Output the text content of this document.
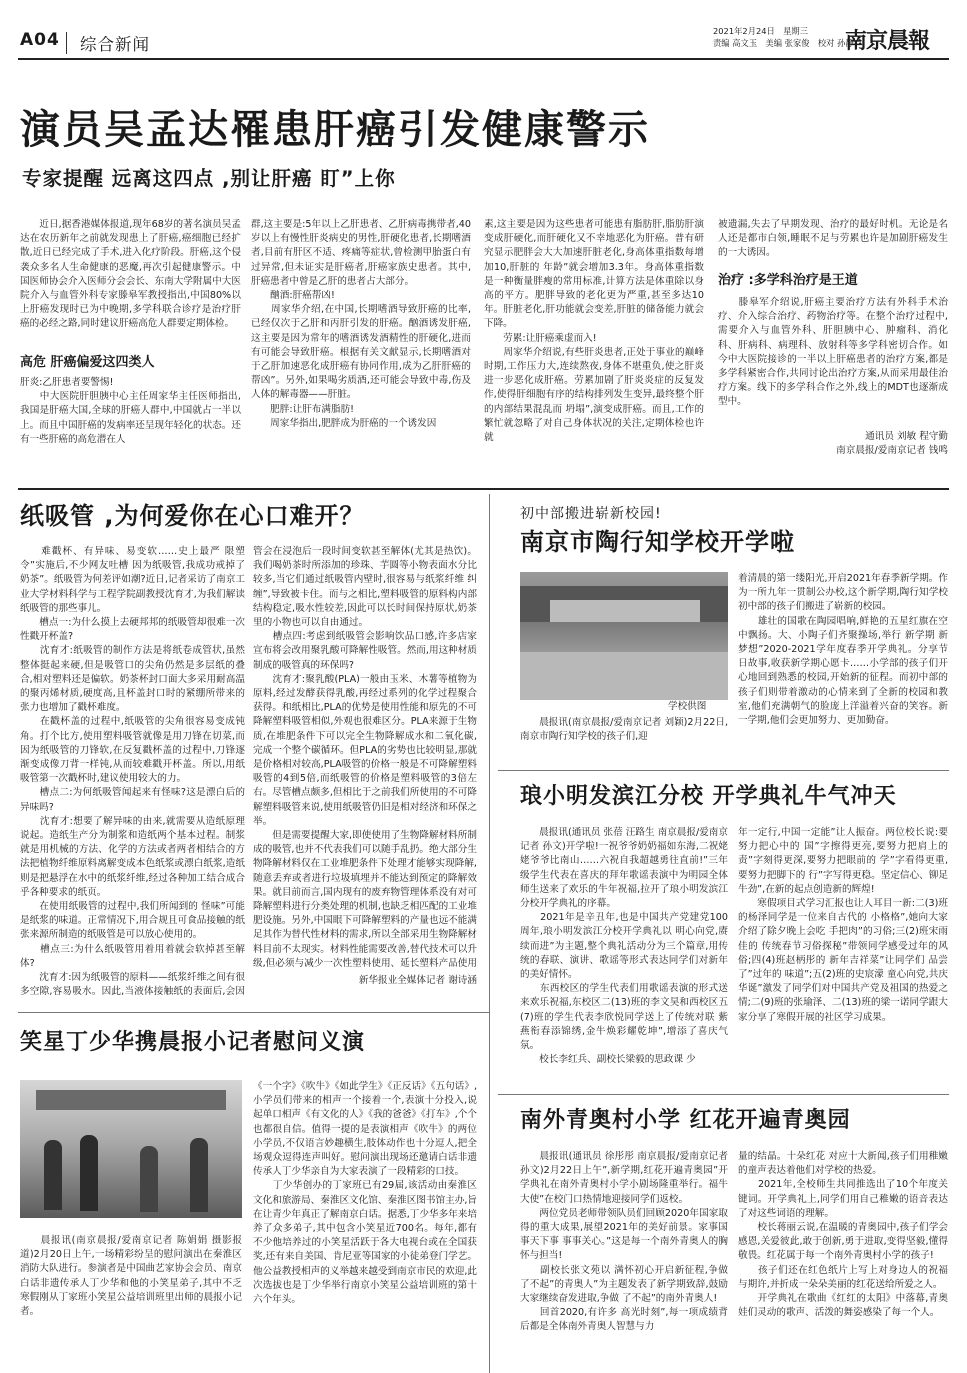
A04 综合新闻
2021年2月24日　星期三
责编 高文玉　美编 张家俊　校对 孙静
南京晨報
演员吴孟达罹患肝癌引发健康警示
专家提醒 远离这四点 ,别让肝癌 盯”上你
　　近日,据香港媒体报道,现年68岁的著名演员吴孟达在农历新年之前就发现患上了肝癌,癌细胞已经扩散,近日已经完成了手术,进入化疗阶段。肝癌,这个侵袭众多名人生命健康的恶魔,再次引起健康警示。中国医师协会介入医师分会会长、东南大学附属中大医院介入与血管外科专家滕皋军教授指出,中国80%以上肝癌发现时已为中晚期,多学科联合诊疗是治疗肝癌的必经之路,同时建议肝癌高危人群要定期体检。
高危 肝癌偏爱这四类人
肝炎:乙肝患者要警惕!
　　中大医院肝胆胰中心主任周家华主任医师指出,我国是肝癌大国,全球的肝癌人群中,中国就占一半以上。而且中国肝癌的发病率还呈现年轻化的状态。还有一些肝癌的高危潜在人
群,这主要是:5年以上乙肝患者、乙肝病毒携带者,40岁以上有慢性肝炎病史的男性,肝硬化患者,长期嗜酒者,目前有肝区不适、疼痛等症状,曾检测甲胎蛋白有过异常,但未证实是肝癌者,肝癌家族史患者。其中,肝癌患者中曾是乙肝的患者占大部分。
　　酗酒:肝癌帮凶!
　　周家华介绍,在中国,长期嗜酒导致肝癌的比率,已经仅次于乙肝和丙肝引发的肝癌。酗酒诱发肝癌,这主要是因为常年的嗜酒诱发酒精性的肝硬化,进而有可能会导致肝癌。根据有关文献显示,长期嗜酒对于乙肝加速恶化成肝癌有协同作用,成为乙肝肝癌的 帮凶”。另外,如果喝劣质酒,还可能会导致中毒,伤及人体的解毒器——肝脏。
　　肥胖:让肝布满脂肪!
　　周家华指出,肥胖成为肝癌的一个诱发因
素,这主要是因为这些患者可能患有脂肪肝,脂肪肝演变成肝硬化,而肝硬化又不幸地恶化为肝癌。普有研究显示肥胖会大大加速肝脏老化,身高体重指数每增加10,肝脏的 年龄”就会增加3.3年。身高体重指数是一种衡量胖瘦的常用标准,计算方法是体重除以身高的平方。肥胖导致的老化更为严重,甚至多达10年。肝脏老化,肝功能就会变差,肝脏的储备能力就会下降。
　　劳累:让肝癌乘虚而入!
　　周家华介绍说,有些肝炎患者,正处于事业的巅峰时期,工作压力大,连续熬夜,身体不堪重负,使之肝炎进一步恶化成肝癌。劳累加剧了肝炎炎症的反复发作,使得肝细胞有序的结构排列发生变异,最终整个肝的内部结果混乱而 坍塌”,演变成肝癌。而且,工作的繁忙就忽略了对自己身体状况的关注,定期体检也许就
被遗漏,失去了早期发现、治疗的最好时机。无论是名人还是都市白领,睡眠不足与劳累也许是加剧肝癌发生的一大诱因。
治疗 :多学科治疗是王道
　　滕皋军介绍说,肝癌主要治疗方法有外科手术治疗、介入综合治疗、药物治疗等。在整个治疗过程中,需要介入与血管外科、肝胆胰中心、肿瘤科、消化科、肝病科、病理科、放射科等多学科密切合作。如今中大医院接诊的一半以上肝癌患者的治疗方案,都是多学科紧密合作,共同讨论出治疗方案,从而采用最佳治疗方案。线下的多学科合作之外,线上的MDT也逐渐成型中。
通讯员 刘敏 程守勤
南京晨报/爱南京记者 钱鸣
纸吸管 ,为何爱你在心口难开？
　　难戳杯、有异味、易变软……史上最严 限塑令”实施后,不少网友吐槽 因为纸吸管,我成功戒掉了奶茶”。纸吸管为何差评如潮?近日,记者采访了南京工业大学材料科学与工程学院副教授沈育才,为我们解读纸吸管的那些事儿。
　　槽点一:为什么摸上去硬邦邦的纸吸管却很难一次性戳开杯盖?
　　沈育才:纸吸管的制作方法是将纸卷成管状,虽然整体挺起来硬,但是吸管口的尖角仍然是多层纸的叠合,相对塑料还是偏软。奶茶杯封口面大多采用耐高温的聚丙烯材质,硬度高,且杯盖封口时的紧绷所带来的张力也增加了戳杯难度。
　　在戳杯盖的过程中,纸吸管的尖角很容易变成钝角。打个比方,使用塑料吸管就像是用刀锋在切菜,而因为纸吸管的刀锋软,在反复戳杯盖的过程中,刀锋逐渐变成像刀背一样钝,从而较难戳开杯盖。所以,用纸吸管第一次戳杯时,建议使用较大的力。
　　槽点二:为何纸吸管闻起来有怪味?这是漂白后的异味吗?
　　沈育才:想要了解异味的由来,就需要从造纸原理说起。造纸生产分为制浆和造纸两个基本过程。制浆就是用机械的方法、化学的方法或者两者相结合的方法把植物纤维原料离解变成本色纸浆或漂白纸浆,造纸则是把悬浮在水中的纸浆纤维,经过各种加工结合成合乎各种要求的纸页。
　　在使用纸吸管的过程中,我们所闻到的 怪味”可能是纸浆的味道。正常情况下,用合规且可食品接触的纸张来源所制造的纸吸管是可以放心使用的。
　　槽点三:为什么纸吸管用着用着就会软掉甚至解体?
　　沈育才:因为纸吸管的原料——纸浆纤维之间有很多空隙,容易吸水。因此,当液体接触纸的表面后,会因
管会在浸泡后一段时间变软甚至解体(尤其是热饮)。我们喝奶茶时所添加的珍珠、芋圆等小物表面水分比较多,当它们通过纸吸管内壁时,很容易与纸浆纤维 纠缠”,导致被卡住。而与之相比,塑料吸管的原料构内部结构稳定,吸水性较差,因此可以长时间保持原状,奶茶里的小物也可以自由通过。
　　槽点四:考虑到纸吸管会影响饮品口感,许多店家宣布将会改用聚乳酸可降解性吸管。然而,用这种材质制成的吸管真的环保吗?
　　沈育才:聚乳酸(PLA)一般由玉米、木薯等植物为原料,经过发酵获得乳酸,再经过系列的化学过程聚合获得。和纸相比,PLA的优势是使用性能和原先的不可降解塑料吸管相似,外观也很难区分。PLA来源于生物质,在堆肥条件下可以完全生物降解成水和二氧化碳,完成一个整个碳循环。但PLA的劣势也比较明显,那就是价格相对较高,PLA吸管的价格一般是不可降解塑料吸管的4到5倍,而纸吸管的价格是塑料吸管的3倍左右。尽管槽点颇多,但相比于之前我们所使用的不可降解塑料吸管来说,使用纸吸管仍旧是相对经济和环保之举。
　　但是需要提醒大家,即使使用了生物降解材料所制成的吸管,也并不代表我们可以随手乱扔。绝大部分生物降解材料仅在工业堆肥条件下处理才能够实现降解,随意丢弃或者进行垃圾填埋并不能达到预定的降解效果。就目前而言,国内现有的废弃物管理体系没有对可降解塑料进行分类处理的机制,也缺乏相匹配的工业堆肥设施。另外,中国眼下可降解塑料的产量也远不能满足其作为替代性材料的需求,所以全部采用生物降解材料目前不太现实。材料性能需要改善,替代技术可以升级,但必须与减少一次性塑料使用、延长塑料产品使用
新华报业全媒体记者 谢诗涵
初中部搬进崭新校园!
南京市陶行知学校开学啦
学校供图
　　晨报讯(南京晨报/爱南京记者 刘颖)2月22日,南京市陶行知学校的孩子们,迎
着清晨的第一缕阳光,开启2021年春季新学期。作为一所九年一贯制公办校,这个新学期,陶行知学校初中部的孩子们搬进了崭新的校园。
　　雄壮的国歌在陶园唱响,鲜艳的五星红旗在空中飘扬。大、小陶子们齐聚操场,举行 新学期 新梦想”2020-2021学年度春季开学典礼。分享节日故事,收获新学期心愿卡……小学部的孩子们开心地回到熟悉的校园,开始新的征程。而初中部的孩子们则带着激动的心情来到了全新的校园和教室,他们充满朝气的脸庞上洋溢着兴奋的笑容。新一学期,他们会更加努力、更加勤奋。
琅小明发滨江分校 开学典礼牛气冲天
　　晨报讯(通讯员 张蓓 汪路生 南京晨报/爱南京记者 孙文)开学啦!一祝爷爷奶奶福如东海,二祝姥姥爷爷比南山……六祝自我超越勇往直前!”三年级学生代表在喜庆的拜年歌谣表演中为明园全体师生送来了欢乐的牛年祝福,拉开了琅小明发滨江分校开学典礼的序幕。
　　2021年是辛丑年,也是中国共产党建党100周年,琅小明发滨江分校开学典礼以 明心向党,赓续而进”为主题,整个典礼活动分为三个篇章,用传统的春联、演讲、歌谣等形式表达同学们对新年的美好情怀。
　　东西校区的学生代表们用歌谣表演的形式送来欢乐祝福,东校区二(13)班的李文昊和西校区五(7)班的学生代表李欣悦同学送上了传统对联 紫燕衔春添锦绣,金牛焕彩耀乾坤”,增添了喜庆气氛。
　　校长李红兵、副校长梁毅的思政课 少
年一定行,中国一定能”让人振奋。两位校长说:要努力把心中的 国”字擦得更亮,要努力把肩上的 责”字刻得更深,要努力把眼前的 学”字看得更重,要努力把脚下的 行”字写得更稳。坚定信心、铆足 牛劲”,在新的起点创造新的辉煌!
　　寒假项目式学习汇报也让人耳目一新:二(3)班的杨泽同学是一位来自古代的 小格格”,她向大家介绍了除夕晚上会吃 手把肉”的习俗;三(2)班宋雨佳的 传统春节习俗探秘”带领同学感受过年的风俗;四(4)班赵柄彤的 新年吉祥菜”让同学们 品尝了”过年的 味道”;五(2)班的史宸濛 童心向党,共庆华诞”激发了同学们对中国共产党及祖国的热爱之情;二(9)班的张瑜泽、二(13)班的梁一诺同学跟大家分享了寒假开展的社区学习成果。
笑星丁少华携晨报小记者慰问义演
　　晨报讯(南京晨报/爱南京记者 陈娟娟 摄影报道)2月20日上午,一场精彩纷呈的慰问演出在秦淮区消防大队进行。参演者是中国曲艺家协会会员、南京白话非遗传承人丁少华和他的小笑星弟子,其中不乏寒假刚从丁家班小笑星公益培训班里出师的晨报小记者。
《一个字》《吹牛》《如此学生》《正反话》《五句话》,小学员们带来的相声一个接着一个,表演十分投入,说起单口相声《有文化的人》《我的爸爸》《打车》,个个也都很自信。值得一提的是表演相声《吹牛》的两位小学员,不仅语言妙趣横生,肢体动作也十分逗人,把全场观众逗得连声叫好。慰问演出现场还邀请白话非遗传承人丁少华亲自为大家表演了一段精彩的口技。
　　丁少华创办的丁家班已有29届,该活动由秦淮区文化和旅游局、秦淮区文化馆、秦淮区图书馆主办,旨在让青少年真正了解南京白话。据悉,丁少华多年来培养了众多弟子,其中包含小笑星近700名。每年,都有不少他培养过的小笑星活跃于各大电视台或在全国获奖,还有来自美国、肯尼亚等国家的小徒弟登门学艺。他公益教授相声的义举越来越受到南京市民的欢迎,此次选拔也是丁少华举行南京小笑星公益培训班的第十六个年头。
南外青奥村小学 红花开遍青奥园
　　晨报讯(通讯员 徐彤彤 南京晨报/爱南京记者 孙文)2月22日上午”,新学期,红花开遍青奥园”开学典礼在南外青奥村小学小剧场隆重举行。福牛大使”在校门口热情地迎接同学们返校。
　　两位党员老师带领队员们回顾2020年国家取得的重大成果,展望2021年的美好前景。家事国事天下事 事事关心。”这是每一个南外青奥人的胸怀与担当!
　　副校长张文苑以 满怀初心开启新征程,争做 了不起”的青奥人”为主题发表了新学期致辞,鼓励大家继续奋发进取,争做 了不起”的南外青奥人!
　　回首2020,有许多 高光时刻”,每一项成绩背后都是全体南外青奥人智慧与力
量的结晶。十朵红花 对应十大新闻,孩子们用稚嫩的童声表达着他们对学校的热爱。
　　2021年,全校师生共同推选出了10个年度关键词。开学典礼上,同学们用自己稚嫩的语音表达了对这些词语的理解。
　　校长蒋丽云说,在温暖的青奥园中,孩子们学会感恩,关爱彼此,敢于创新,勇于进取,变得坚毅,懂得敬畏。红花属于每一个南外青奥村小学的孩子!
　　孩子们还在红色纸片上写上对身边人的祝福与期许,并折成一朵朵美丽的红花送给所爱之人。
　　开学典礼在歌曲《红红的太阳》中落幕,青奥娃们灵动的歌声、活泼的舞姿感染了每一个人。
